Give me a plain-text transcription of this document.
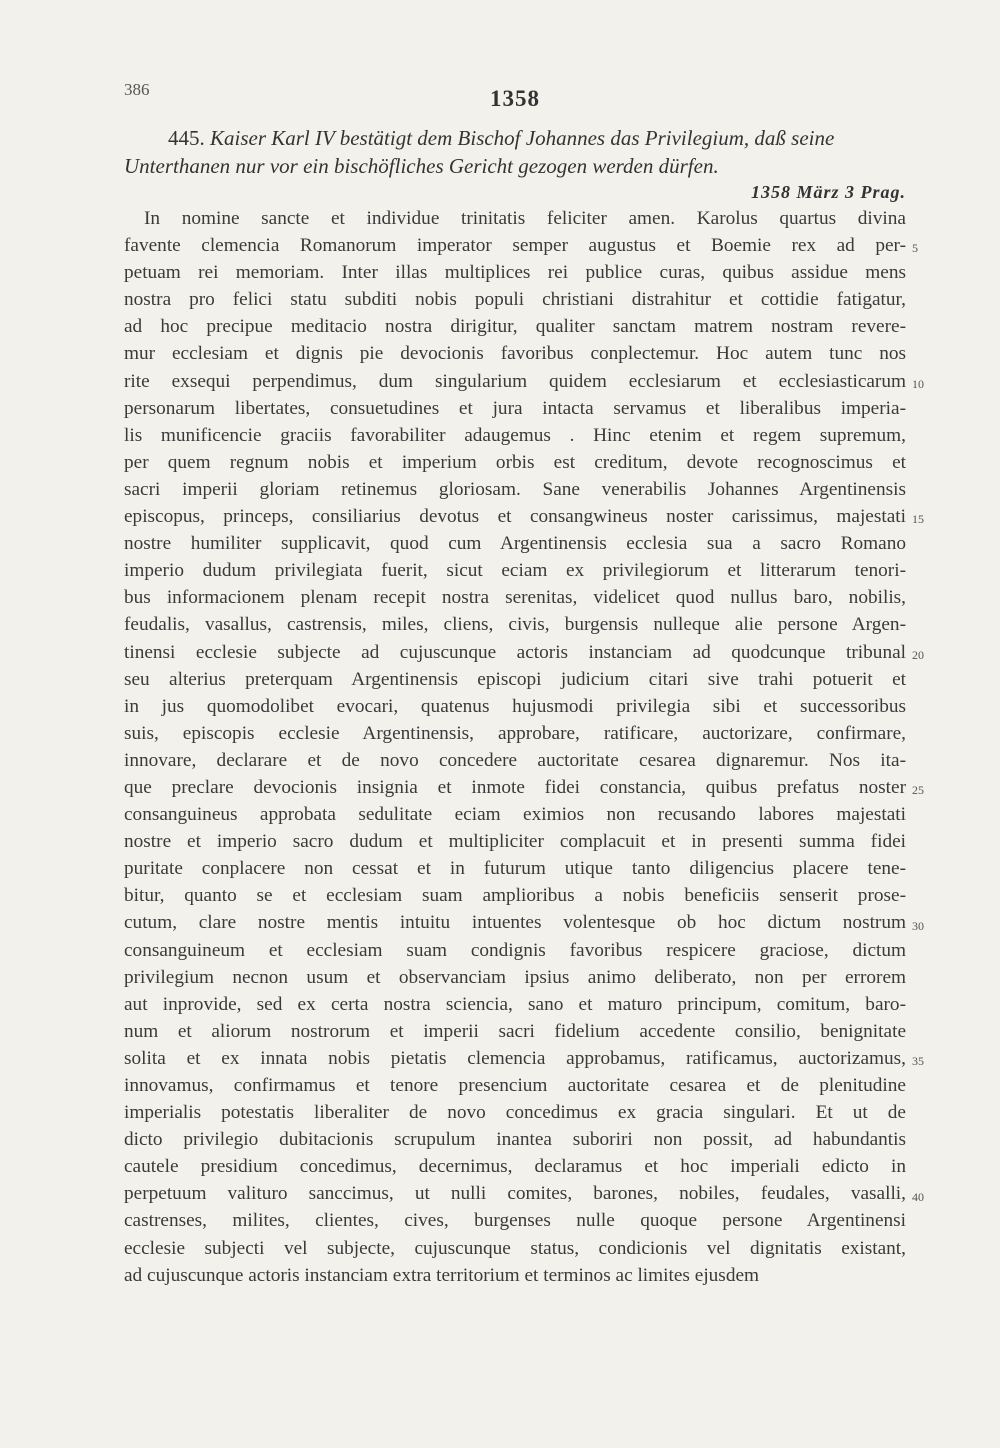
386	1358
445. Kaiser Karl IV bestätigt dem Bischof Johannes das Privilegium, daß seine Unterthanen nur vor ein bischöfliches Gericht gezogen werden dürfen.
1358 März 3 Prag.
In nomine sancte et individue trinitatis feliciter amen. Karolus quartus divina
favente clemencia Romanorum imperator semper augustus et Boemie rex ad per-
petuam rei memoriam. Inter illas multiplices rei publice curas, quibus assidue mens
nostra pro felici statu subditi nobis populi christiani distrahitur et cottidie fatigatur,
ad hoc precipue meditacio nostra dirigitur, qualiter sanctam matrem nostram revere-
mur ecclesiam et dignis pie devocionis favoribus conplectemur. Hoc autem tunc nos
rite exsequi perpendimus, dum singularium quidem ecclesiarum et ecclesiasticarum
personarum libertates, consuetudines et jura intacta servamus et liberalibus imperia-
lis munificencie graciis favorabiliter adaugemus . Hinc etenim et regem supremum,
per quem regnum nobis et imperium orbis est creditum, devote recognoscimus et
sacri imperii gloriam retinemus gloriosam. Sane venerabilis Johannes Argentinensis
episcopus, princeps, consiliarius devotus et consangwineus noster carissimus, majestati
nostre humiliter supplicavit, quod cum Argentinensis ecclesia sua a sacro Romano
imperio dudum privilegiata fuerit, sicut eciam ex privilegiorum et litterarum tenori-
bus informacionem plenam recepit nostra serenitas, videlicet quod nullus baro, nobilis,
feudalis, vasallus, castrensis, miles, cliens, civis, burgensis nulleque alie persone Argen-
tinensi ecclesie subjecte ad cujuscunque actoris instanciam ad quodcunque tribunal
seu alterius preterquam Argentinensis episcopi judicium citari sive trahi potuerit et
in jus quomodolibet evocari, quatenus hujusmodi privilegia sibi et successoribus
suis, episcopis ecclesie Argentinensis, approbare, ratificare, auctorizare, confirmare,
innovare, declarare et de novo concedere auctoritate cesarea dignaremur. Nos ita-
que preclare devocionis insignia et inmote fidei constancia, quibus prefatus noster
consanguineus approbata sedulitate eciam eximios non recusando labores majestati
nostre et imperio sacro dudum et multipliciter complacuit et in presenti summa fidei
puritate conplacere non cessat et in futurum utique tanto diligencius placere tene-
bitur, quanto se et ecclesiam suam amplioribus a nobis beneficiis senserit prose-
cutum, clare nostre mentis intuitu intuentes volentesque ob hoc dictum nostrum
consanguineum et ecclesiam suam condignis favoribus respicere graciose, dictum
privilegium necnon usum et observanciam ipsius animo deliberato, non per errorem
aut inprovide, sed ex certa nostra sciencia, sano et maturo principum, comitum, baro-
num et aliorum nostrorum et imperii sacri fidelium accedente consilio, benignitate
solita et ex innata nobis pietatis clemencia approbamus, ratificamus, auctorizamus,
innovamus, confirmamus et tenore presencium auctoritate cesarea et de plenitudine
imperialis potestatis liberaliter de novo concedimus ex gracia singulari. Et ut de
dicto privilegio dubitacionis scrupulum inantea suboriri non possit, ad habundantis
cautele presidium concedimus, decernimus, declaramus et hoc imperiali edicto in
perpetuum valituro sanccimus, ut nulli comites, barones, nobiles, feudales, vasalli,
castrenses, milites, clientes, cives, burgenses nulle quoque persone Argentinensi
ecclesie subjecti vel subjecte, cujuscunque status, condicionis vel dignitatis existant,
ad cujuscunque actoris instanciam extra territorium et terminos ac limites ejusdem
5
10
15
20
25
30
35
40
